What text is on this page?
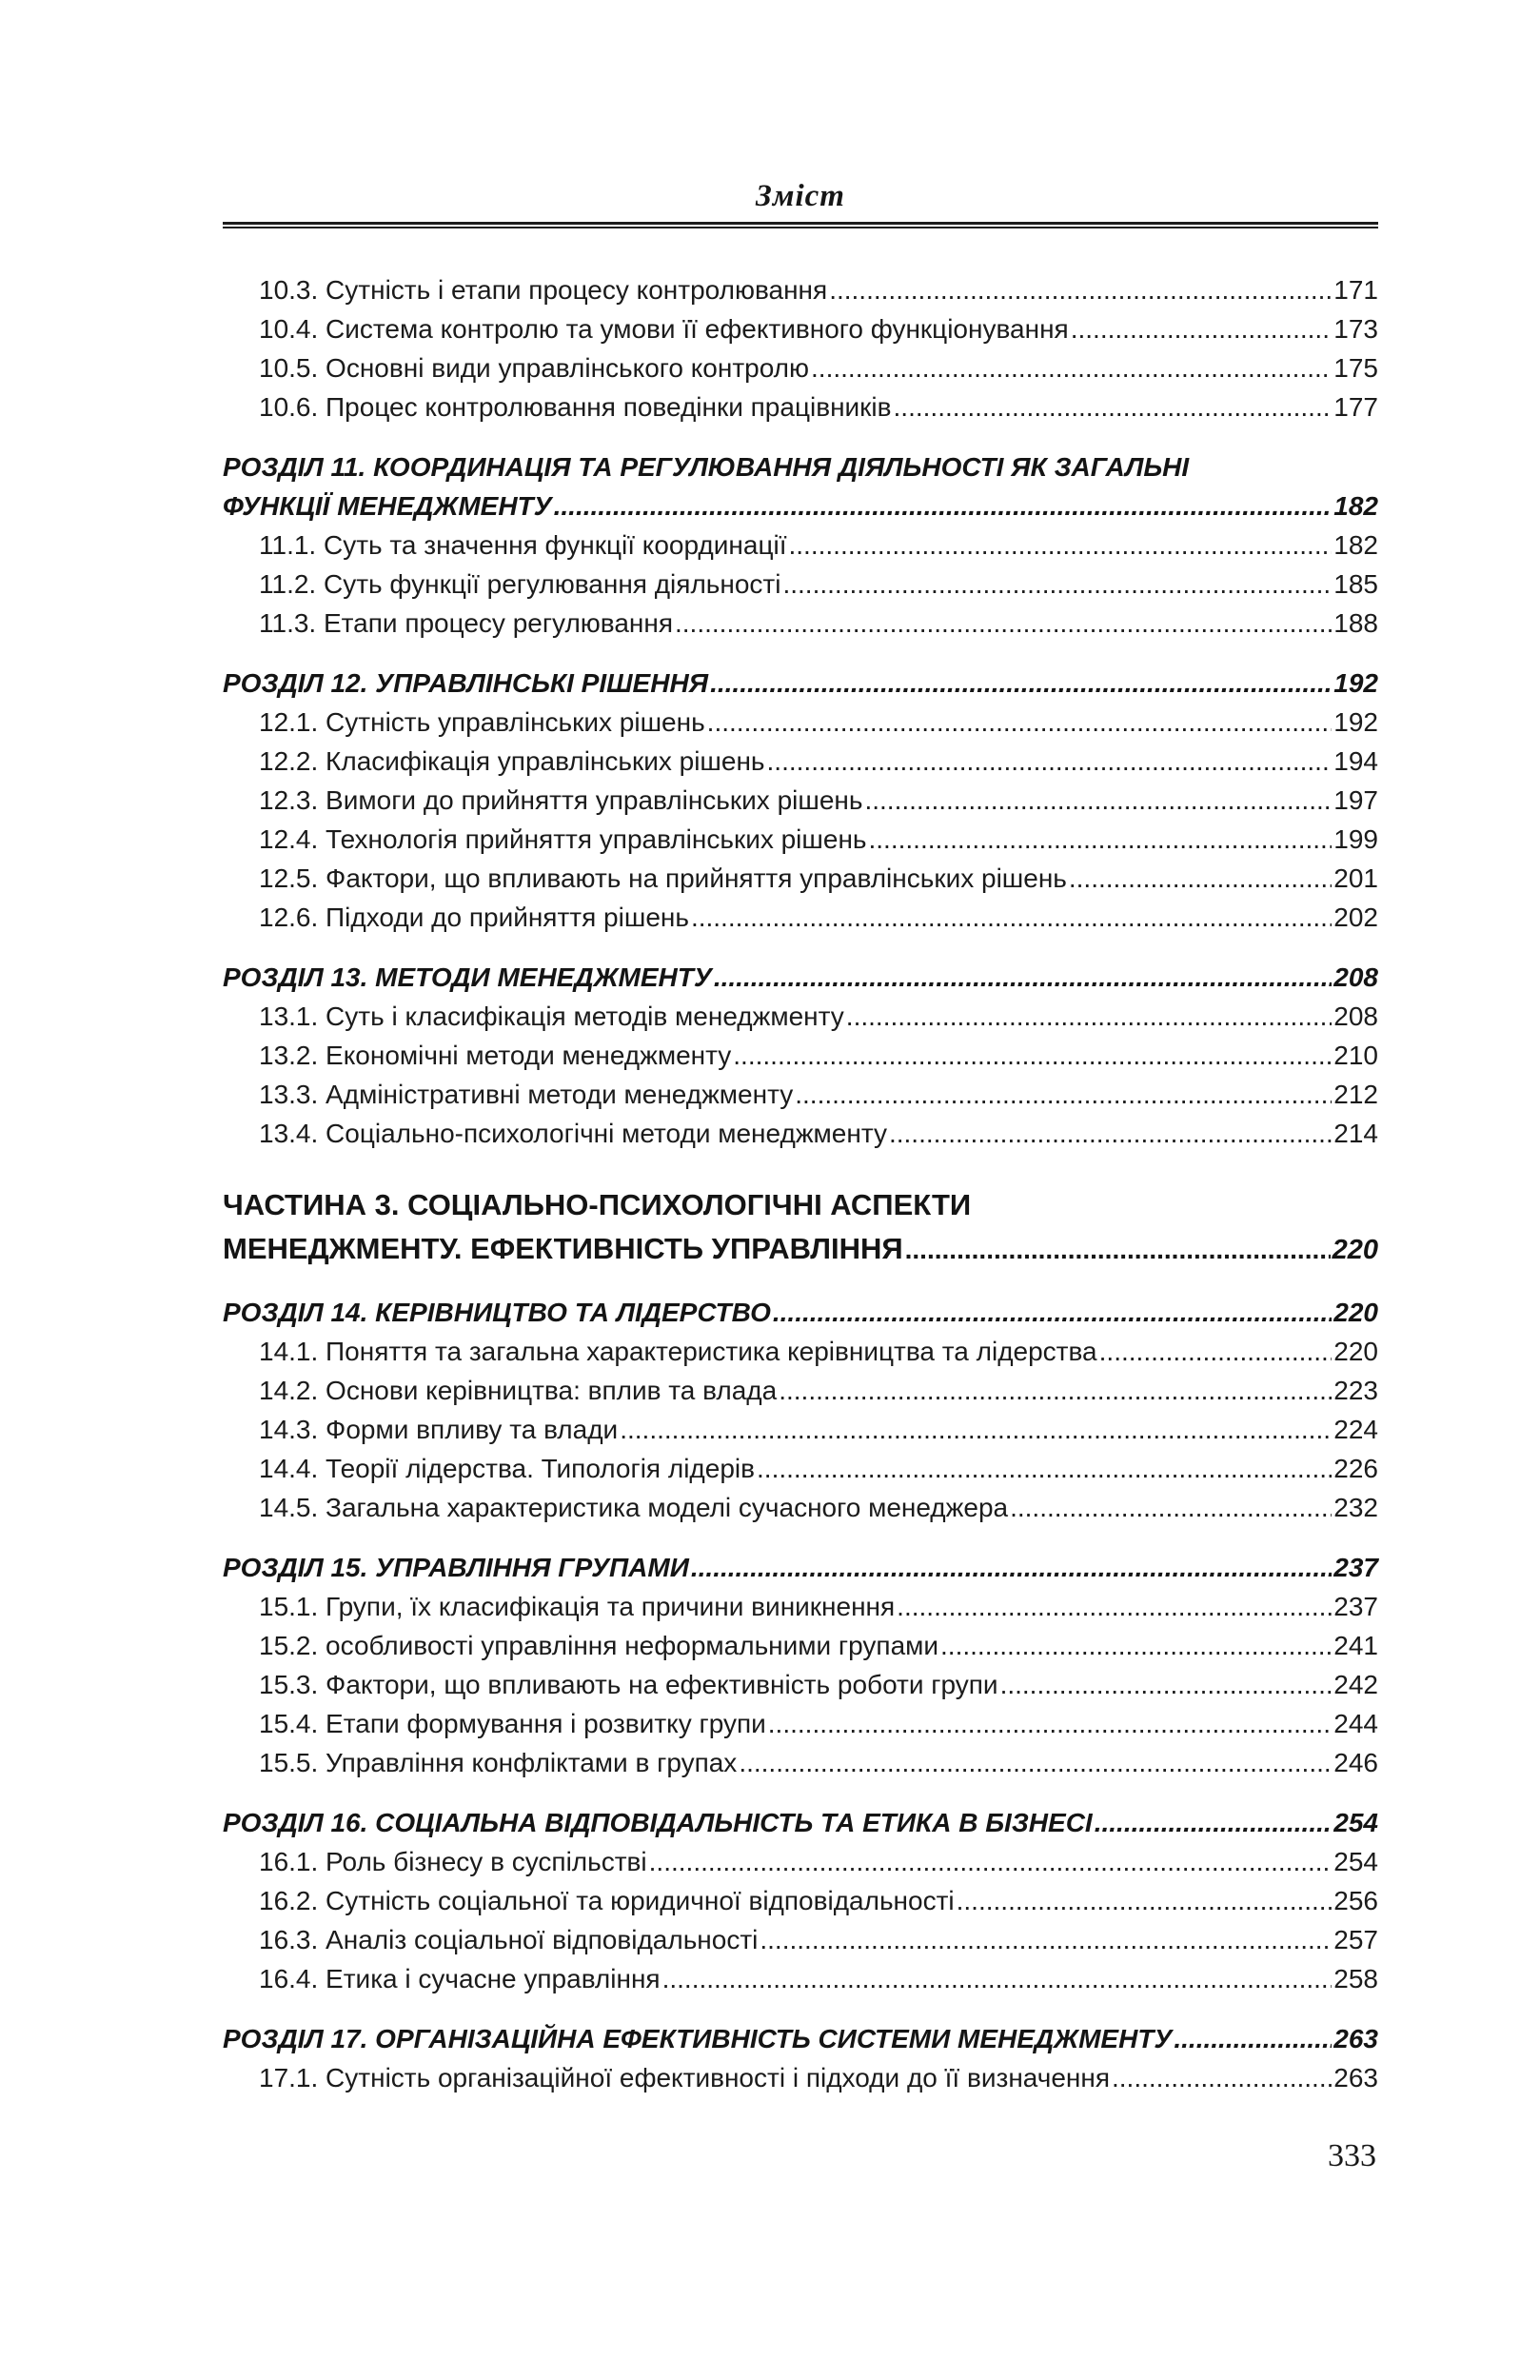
Зміст
10.3. Сутність і етапи процесу контролювання .....	171
10.4. Система контролю та умови її ефективного функціонування .....	173
10.5. Основні види управлінського контролю .....	175
10.6. Процес контролювання поведінки працівників .....	177
РОЗДІЛ 11. КООРДИНАЦІЯ ТА РЕГУЛЮВАННЯ ДІЯЛЬНОСТІ ЯК ЗАГАЛЬНІ
ФУНКЦІЇ МЕНЕДЖМЕНТУ .....	182
11.1. Суть та значення функції координації .....	182
11.2. Суть функції регулювання діяльності .....	185
11.3. Етапи процесу регулювання .....	188
РОЗДІЛ 12. УПРАВЛІНСЬКІ РІШЕННЯ .....	192
12.1. Сутність управлінських рішень .....	192
12.2. Класифікація управлінських рішень .....	194
12.3. Вимоги до прийняття управлінських рішень .....	197
12.4. Технологія прийняття управлінських рішень .....	199
12.5. Фактори, що впливають на прийняття управлінських рішень .....	201
12.6. Підходи до прийняття рішень .....	202
РОЗДІЛ 13. МЕТОДИ МЕНЕДЖМЕНТУ .....	208
13.1. Суть і класифікація методів менеджменту .....	208
13.2. Економічні методи менеджменту .....	210
13.3. Адміністративні методи менеджменту .....	212
13.4. Соціально-психологічні методи менеджменту .....	214
ЧАСТИНА 3. СОЦІАЛЬНО-ПСИХОЛОГІЧНІ АСПЕКТИ
МЕНЕДЖМЕНТУ. ЕФЕКТИВНІСТЬ УПРАВЛІННЯ .....	220
РОЗДІЛ 14. КЕРІВНИЦТВО ТА ЛІДЕРСТВО .....	220
14.1. Поняття та загальна характеристика керівництва та лідерства .....	220
14.2. Основи керівництва: вплив та влада .....	223
14.3. Форми впливу та влади .....	224
14.4. Теорії лідерства. Типологія лідерів .....	226
14.5. Загальна характеристика моделі сучасного менеджера .....	232
РОЗДІЛ 15. УПРАВЛІННЯ ГРУПАМИ .....	237
15.1. Групи, їх класифікація та причини виникнення .....	237
15.2. особливості управління неформальними групами .....	241
15.3. Фактори, що впливають на ефективність роботи групи .....	242
15.4. Етапи формування і розвитку групи .....	244
15.5. Управління конфліктами в групах .....	246
РОЗДІЛ 16. СОЦІАЛЬНА ВІДПОВІДАЛЬНІСТЬ ТА ЕТИКА В БІЗНЕСІ .....	254
16.1. Роль бізнесу в суспільстві .....	254
16.2. Сутність соціальної та юридичної відповідальності .....	256
16.3. Аналіз соціальної відповідальності .....	257
16.4. Етика і сучасне управління .....	258
РОЗДІЛ 17. ОРГАНІЗАЦІЙНА ЕФЕКТИВНІСТЬ СИСТЕМИ МЕНЕДЖМЕНТУ .....	263
17.1. Сутність організаційної ефективності і підходи до її визначення .....	263
333
